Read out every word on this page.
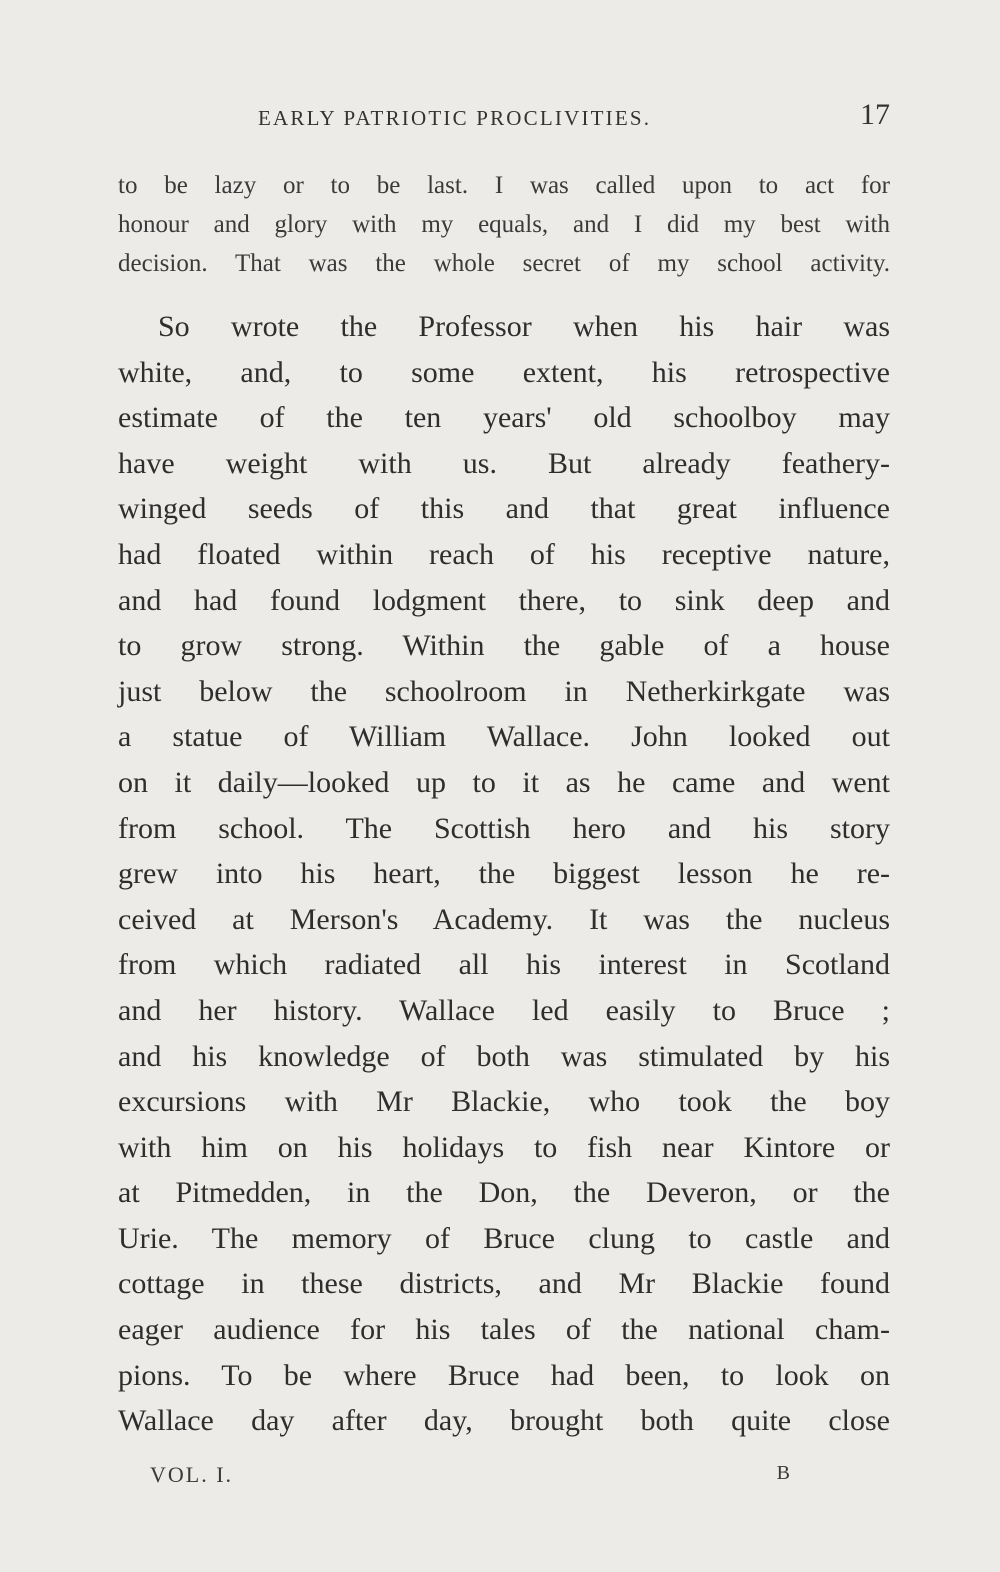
EARLY PATRIOTIC PROCLIVITIES.	17
to be lazy or to be last. I was called upon to act for
honour and glory with my equals, and I did my best with
decision. That was the whole secret of my school activity.
So wrote the Professor when his hair was
white, and, to some extent, his retrospective
estimate of the ten years' old schoolboy may
have weight with us. But already feathery-
winged seeds of this and that great influence
had floated within reach of his receptive nature,
and had found lodgment there, to sink deep and
to grow strong. Within the gable of a house
just below the schoolroom in Netherkirkgate was
a statue of William Wallace. John looked out
on it daily—looked up to it as he came and went
from school. The Scottish hero and his story
grew into his heart, the biggest lesson he re-
ceived at Merson's Academy. It was the nucleus
from which radiated all his interest in Scotland
and her history. Wallace led easily to Bruce ;
and his knowledge of both was stimulated by his
excursions with Mr Blackie, who took the boy
with him on his holidays to fish near Kintore or
at Pitmedden, in the Don, the Deveron, or the
Urie. The memory of Bruce clung to castle and
cottage in these districts, and Mr Blackie found
eager audience for his tales of the national cham-
pions. To be where Bruce had been, to look on
Wallace day after day, brought both quite close
VOL. I.	B
